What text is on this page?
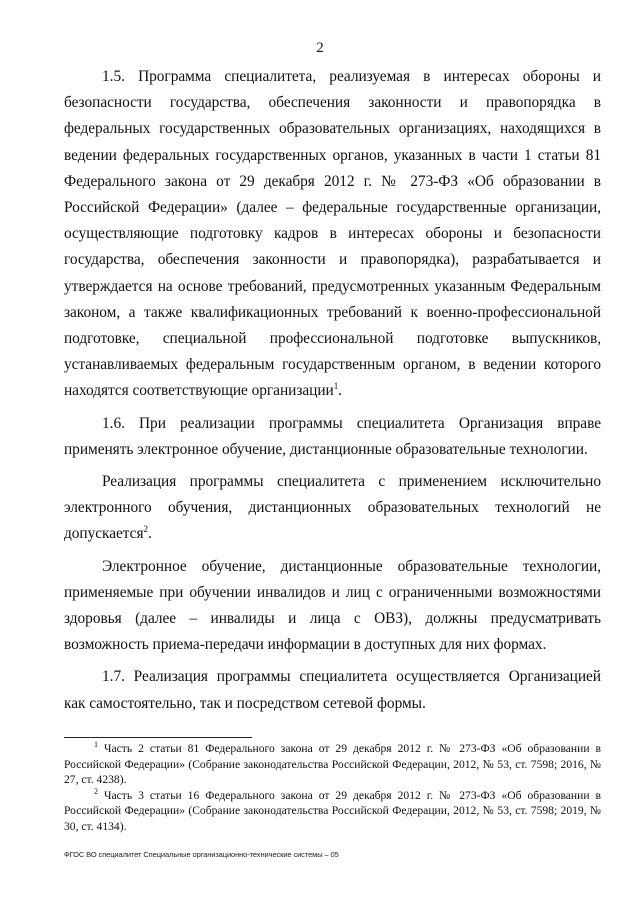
2

1.5. Программа специалитета, реализуемая в интересах обороны и безопасности государства, обеспечения законности и правопорядка в федеральных государственных образовательных организациях, находящихся в ведении федеральных государственных органов, указанных в части 1 статьи 81 Федерального закона от 29 декабря 2012 г. № 273-ФЗ «Об образовании в Российской Федерации» (далее – федеральные государственные организации, осуществляющие подготовку кадров в интересах обороны и безопасности государства, обеспечения законности и правопорядка), разрабатывается и утверждается на основе требований, предусмотренных указанным Федеральным законом, а также квалификационных требований к военно-профессиональной подготовке, специальной профессиональной подготовке выпускников, устанавливаемых федеральным государственным органом, в ведении которого находятся соответствующие организации$^1$.

1.6. При реализации программы специалитета Организация вправе применять электронное обучение, дистанционные образовательные технологии.

Реализация программы специалитета с применением исключительно электронного обучения, дистанционных образовательных технологий не допускается$^2$.

Электронное обучение, дистанционные образовательные технологии, применяемые при обучении инвалидов и лиц с ограниченными возможностями здоровья (далее – инвалиды и лица с ОВЗ), должны предусматривать возможность приема-передачи информации в доступных для них формах.

1.7. Реализация программы специалитета осуществляется Организацией как самостоятельно, так и посредством сетевой формы.

$^1$ Часть 2 статьи 81 Федерального закона от 29 декабря 2012 г. № 273-ФЗ «Об образовании в Российской Федерации» (Собрание законодательства Российской Федерации, 2012, № 53, ст. 7598; 2016, № 27, ст. 4238).

$^2$ Часть 3 статьи 16 Федерального закона от 29 декабря 2012 г. № 273-ФЗ «Об образовании в Российской Федерации» (Собрание законодательства Российской Федерации, 2012, № 53, ст. 7598; 2019, № 30, ст. 4134).

ФГОС ВО специалитет Специальные организационно-технические системы – 05
